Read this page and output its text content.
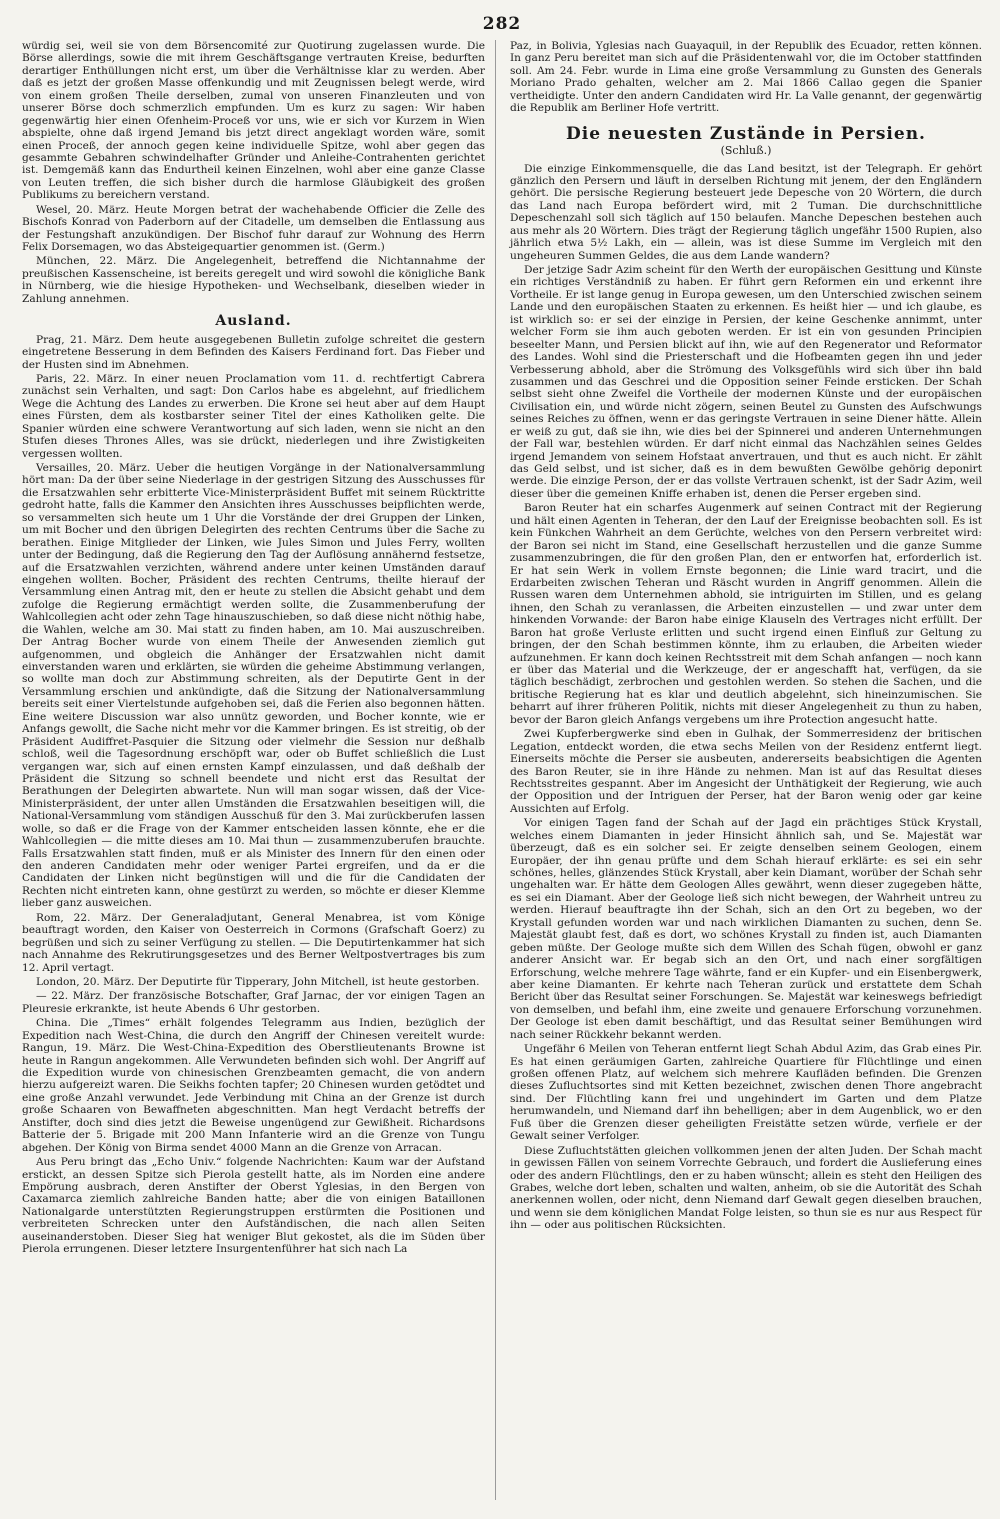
282

würdig sei, weil sie von dem Börsencomité zur Quotirung zugelassen wurde. Die Börse allerdings, sowie die mit ihrem Geschäftsgange vertrauten Kreise, bedurften derartiger Enthüllungen nicht erst, um über die Verhältnisse klar zu werden. Aber daß es jetzt der großen Masse offenkundig und mit Zeugnissen belegt werde, wird von einem großen Theile derselben, zumal von unseren Finanzleuten und von unserer Börse doch schmerzlich empfunden. Um es kurz zu sagen: Wir haben gegenwärtig hier einen Ofenheim-Proceß vor uns, wie er sich vor Kurzem in Wien abspielte, ohne daß irgend Jemand bis jetzt direct angeklagt worden wäre, somit einen Proceß, der annoch gegen keine individuelle Spitze, wohl aber gegen das gesammte Gebahren schwindelhafter Gründer und Anleihe-Contrahenten gerichtet ist. Demgemäß kann das Endurtheil keinen Einzelnen, wohl aber eine ganze Classe von Leuten treffen, die sich bisher durch die harmlose Gläubigkeit des großen Publikums zu bereichern verstand.

Wesel, 20. März. Heute Morgen betrat der wachehabende Officier die Zelle des Bischofs Konrad von Paderborn auf der Citadelle, um demselben die Entlassung aus der Festungshaft anzukündigen. Der Bischof fuhr darauf zur Wohnung des Herrn Felix Dorsemagen, wo das Absteigequartier genommen ist. (Germ.)

München, 22. März. Die Angelegenheit, betreffend die Nichtannahme der preußischen Kassenscheine, ist bereits geregelt und wird sowohl die königliche Bank in Nürnberg, wie die hiesige Hypotheken- und Wechselbank, dieselben wieder in Zahlung annehmen.

Ausland.

Prag, 21. März. Dem heute ausgegebenen Bulletin zufolge schreitet die gestern eingetretene Besserung in dem Befinden des Kaisers Ferdinand fort. Das Fieber und der Husten sind im Abnehmen.

Paris, 22. März. In einer neuen Proclamation vom 11. d. rechtfertigt Cabrera zunächst sein Verhalten, und sagt: Don Carlos habe es abgelehnt, auf friedlichem Wege die Achtung des Landes zu erwerben. Die Krone sei heut aber auf dem Haupt eines Fürsten, dem als kostbarster seiner Titel der eines Katholiken gelte. Die Spanier würden eine schwere Verantwortung auf sich laden, wenn sie nicht an den Stufen dieses Thrones Alles, was sie drückt, niederlegen und ihre Zwistigkeiten vergessen wollten.

Versailles, 20. März. Ueber die heutigen Vorgänge in der Nationalversammlung hört man: Da der über seine Niederlage in der gestrigen Sitzung des Ausschusses für die Ersatzwahlen sehr erbitterte Vice-Ministerpräsident Buffet mit seinem Rücktritte gedroht hatte, falls die Kammer den Ansichten ihres Ausschusses beipflichten werde, so versammelten sich heute um 1 Uhr die Vorstände der drei Gruppen der Linken, um mit Bocher und den übrigen Delegirten des rechten Centrums über die Sache zu berathen. Einige Mitglieder der Linken, wie Jules Simon und Jules Ferry, wollten unter der Bedingung, daß die Regierung den Tag der Auflösung annähernd festsetze, auf die Ersatzwahlen verzichten, während andere unter keinen Umständen darauf eingehen wollten. Bocher, Präsident des rechten Centrums, theilte hierauf der Versammlung einen Antrag mit, den er heute zu stellen die Absicht gehabt und dem zufolge die Regierung ermächtigt werden sollte, die Zusammenberufung der Wahlcollegien acht oder zehn Tage hinauszuschieben, so daß diese nicht nöthig habe, die Wahlen, welche am 30. Mai statt zu finden haben, am 10. Mai auszuschreiben. Der Antrag Bocher wurde von einem Theile der Anwesenden ziemlich gut aufgenommen, und obgleich die Anhänger der Ersatzwahlen nicht damit einverstanden waren und erklärten, sie würden die geheime Abstimmung verlangen, so wollte man doch zur Abstimmung schreiten, als der Deputirte Gent in der Versammlung erschien und ankündigte, daß die Sitzung der Nationalversammlung bereits seit einer Viertelstunde aufgehoben sei, daß die Ferien also begonnen hätten. Eine weitere Discussion war also unnütz geworden, und Bocher konnte, wie er Anfangs gewollt, die Sache nicht mehr vor die Kammer bringen. Es ist streitig, ob der Präsident Audiffret-Pasquier die Sitzung oder vielmehr die Session nur deßhalb schloß, weil die Tagesordnung erschöpft war, oder ob Buffet schließlich die Lust vergangen war, sich auf einen ernsten Kampf einzulassen, und daß deßhalb der Präsident die Sitzung so schnell beendete und nicht erst das Resultat der Berathungen der Delegirten abwartete. Nun will man sogar wissen, daß der Vice-Ministerpräsident, der unter allen Umständen die Ersatzwahlen beseitigen will, die National-Versammlung vom ständigen Ausschuß für den 3. Mai zurückberufen lassen wolle, so daß er die Frage von der Kammer entscheiden lassen könnte, ehe er die Wahlcollegien — die mitte dieses am 10. Mai thun — zusammenzuberufen brauchte. Falls Ersatzwahlen statt finden, muß er als Minister des Innern für den einen oder den anderen Candidaten mehr oder weniger Partei ergreifen, und da er die Candidaten der Linken nicht begünstigen will und die für die Candidaten der Rechten nicht eintreten kann, ohne gestürzt zu werden, so möchte er dieser Klemme lieber ganz ausweichen.

Rom, 22. März. Der Generaladjutant, General Menabrea, ist vom Könige beauftragt worden, den Kaiser von Oesterreich in Cormons (Grafschaft Goerz) zu begrüßen und sich zu seiner Verfügung zu stellen. — Die Deputirtenkammer hat sich nach Annahme des Rekrutirungsgesetzes und des Berner Weltpostvertrages bis zum 12. April vertagt.

London, 20. März. Der Deputirte für Tipperary, John Mitchell, ist heute gestorben.

— 22. März. Der französische Botschafter, Graf Jarnac, der vor einigen Tagen an Pleuresie erkrankte, ist heute Abends 6 Uhr gestorben.

China. Die „Times“ erhält folgendes Telegramm aus Indien, bezüglich der Expedition nach West-China, die durch den Angriff der Chinesen vereitelt wurde: Rangun, 19. März. Die West-China-Expedition des Oberstlieutenants Browne ist heute in Rangun angekommen. Alle Verwundeten befinden sich wohl. Der Angriff auf die Expedition wurde von chinesischen Grenzbeamten gemacht, die von andern hierzu aufgereizt waren. Die Seikhs fochten tapfer; 20 Chinesen wurden getödtet und eine große Anzahl verwundet. Jede Verbindung mit China an der Grenze ist durch große Schaaren von Bewaffneten abgeschnitten. Man hegt Verdacht betreffs der Anstifter, doch sind dies jetzt die Beweise ungenügend zur Gewißheit. Richardsons Batterie der 5. Brigade mit 200 Mann Infanterie wird an die Grenze von Tungu abgehen. Der König von Birma sendet 4000 Mann an die Grenze von Arracan.

Aus Peru bringt das „Echo Univ.“ folgende Nachrichten: Kaum war der Aufstand erstickt, an dessen Spitze sich Pierola gestellt hatte, als im Norden eine andere Empörung ausbrach, deren Anstifter der Oberst Yglesias, in den Bergen von Caxamarca ziemlich zahlreiche Banden hatte; aber die von einigen Bataillonen Nationalgarde unterstützten Regierungstruppen erstürmten die Positionen und verbreiteten Schrecken unter den Aufständischen, die nach allen Seiten auseinanderstoben. Dieser Sieg hat weniger Blut gekostet, als die im Süden über Pierola errungenen. Dieser letztere Insurgentenführer hat sich nach La

Paz, in Bolivia, Yglesias nach Guayaquil, in der Republik des Ecuador, retten können. In ganz Peru bereitet man sich auf die Präsidentenwahl vor, die im October stattfinden soll. Am 24. Febr. wurde in Lima eine große Versammlung zu Gunsten des Generals Moriano Prado gehalten, welcher am 2. Mai 1866 Callao gegen die Spanier vertheidigte. Unter den andern Candidaten wird Hr. La Valle genannt, der gegenwärtig die Republik am Berliner Hofe vertritt.

Die neuesten Zustände in Persien.
(Schluß.)

Die einzige Einkommensquelle, die das Land besitzt, ist der Telegraph. Er gehört gänzlich den Persern und läuft in derselben Richtung mit jenem, der den Engländern gehört. Die persische Regierung besteuert jede Depesche von 20 Wörtern, die durch das Land nach Europa befördert wird, mit 2 Tuman. Die durchschnittliche Depeschenzahl soll sich täglich auf 150 belaufen. Manche Depeschen bestehen auch aus mehr als 20 Wörtern. Dies trägt der Regierung täglich ungefähr 1500 Rupien, also jährlich etwa 5½ Lakh, ein — allein, was ist diese Summe im Vergleich mit den ungeheuren Summen Geldes, die aus dem Lande wandern?

Der jetzige Sadr Azim scheint für den Werth der europäischen Gesittung und Künste ein richtiges Verständniß zu haben. Er führt gern Reformen ein und erkennt ihre Vortheile. Er ist lange genug in Europa gewesen, um den Unterschied zwischen seinem Lande und den europäischen Staaten zu erkennen. Es heißt hier — und ich glaube, es ist wirklich so: er sei der einzige in Persien, der keine Geschenke annimmt, unter welcher Form sie ihm auch geboten werden. Er ist ein von gesunden Principien beseelter Mann, und Persien blickt auf ihn, wie auf den Regenerator und Reformator des Landes. Wohl sind die Priesterschaft und die Hofbeamten gegen ihn und jeder Verbesserung abhold, aber die Strömung des Volksgefühls wird sich über ihn bald zusammen und das Geschrei und die Opposition seiner Feinde ersticken. Der Schah selbst sieht ohne Zweifel die Vortheile der modernen Künste und der europäischen Civilisation ein, und würde nicht zögern, seinen Beutel zu Gunsten des Aufschwungs seines Reiches zu öffnen, wenn er das geringste Vertrauen in seine Diener hätte. Allein er weiß zu gut, daß sie ihn, wie dies bei der Spinnerei und anderen Unternehmungen der Fall war, bestehlen würden. Er darf nicht einmal das Nachzählen seines Geldes irgend Jemandem von seinem Hofstaat anvertrauen, und thut es auch nicht. Er zählt das Geld selbst, und ist sicher, daß es in dem bewußten Gewölbe gehörig deponirt werde. Die einzige Person, der er das vollste Vertrauen schenkt, ist der Sadr Azim, weil dieser über die gemeinen Kniffe erhaben ist, denen die Perser ergeben sind.

Baron Reuter hat ein scharfes Augenmerk auf seinen Contract mit der Regierung und hält einen Agenten in Teheran, der den Lauf der Ereignisse beobachten soll. Es ist kein Fünkchen Wahrheit an dem Gerüchte, welches von den Persern verbreitet wird: der Baron sei nicht im Stand, eine Gesellschaft herzustellen und die ganze Summe zusammenzubringen, die für den großen Plan, den er entworfen hat, erforderlich ist. Er hat sein Werk in vollem Ernste begonnen; die Linie ward tracirt, und die Erdarbeiten zwischen Teheran und Räscht wurden in Angriff genommen. Allein die Russen waren dem Unternehmen abhold, sie intriguirten im Stillen, und es gelang ihnen, den Schah zu veranlassen, die Arbeiten einzustellen — und zwar unter dem hinkenden Vorwande: der Baron habe einige Klauseln des Vertrages nicht erfüllt. Der Baron hat große Verluste erlitten und sucht irgend einen Einfluß zur Geltung zu bringen, der den Schah bestimmen könnte, ihm zu erlauben, die Arbeiten wieder aufzunehmen. Er kann doch keinen Rechtsstreit mit dem Schah anfangen — noch kann er über das Material und die Werkzeuge, der er angeschafft hat, verfügen, da sie täglich beschädigt, zerbrochen und gestohlen werden. So stehen die Sachen, und die britische Regierung hat es klar und deutlich abgelehnt, sich hineinzumischen. Sie beharrt auf ihrer früheren Politik, nichts mit dieser Angelegenheit zu thun zu haben, bevor der Baron gleich Anfangs vergebens um ihre Protection angesucht hatte.

Zwei Kupferbergwerke sind eben in Gulhak, der Sommerresidenz der britischen Legation, entdeckt worden, die etwa sechs Meilen von der Residenz entfernt liegt. Einerseits möchte die Perser sie ausbeuten, andererseits beabsichtigen die Agenten des Baron Reuter, sie in ihre Hände zu nehmen. Man ist auf das Resultat dieses Rechtsstreites gespannt. Aber im Angesicht der Unthätigkeit der Regierung, wie auch der Opposition und der Intriguen der Perser, hat der Baron wenig oder gar keine Aussichten auf Erfolg.

Vor einigen Tagen fand der Schah auf der Jagd ein prächtiges Stück Krystall, welches einem Diamanten in jeder Hinsicht ähnlich sah, und Se. Majestät war überzeugt, daß es ein solcher sei. Er zeigte denselben seinem Geologen, einem Europäer, der ihn genau prüfte und dem Schah hierauf erklärte: es sei ein sehr schönes, helles, glänzendes Stück Krystall, aber kein Diamant, worüber der Schah sehr ungehalten war. Er hätte dem Geologen Alles gewährt, wenn dieser zugegeben hätte, es sei ein Diamant. Aber der Geologe ließ sich nicht bewegen, der Wahrheit untreu zu werden. Hierauf beauftragte ihn der Schah, sich an den Ort zu begeben, wo der Krystall gefunden worden war und nach wirklichen Diamanten zu suchen, denn Se. Majestät glaubt fest, daß es dort, wo schönes Krystall zu finden ist, auch Diamanten geben müßte. Der Geologe mußte sich dem Willen des Schah fügen, obwohl er ganz anderer Ansicht war. Er begab sich an den Ort, und nach einer sorgfältigen Erforschung, welche mehrere Tage währte, fand er ein Kupfer- und ein Eisenbergwerk, aber keine Diamanten. Er kehrte nach Teheran zurück und erstattete dem Schah Bericht über das Resultat seiner Forschungen. Se. Majestät war keineswegs befriedigt von demselben, und befahl ihm, eine zweite und genauere Erforschung vorzunehmen. Der Geologe ist eben damit beschäftigt, und das Resultat seiner Bemühungen wird nach seiner Rückkehr bekannt werden.

Ungefähr 6 Meilen von Teheran entfernt liegt Schah Abdul Azim, das Grab eines Pir. Es hat einen geräumigen Garten, zahlreiche Quartiere für Flüchtlinge und einen großen offenen Platz, auf welchem sich mehrere Kaufläden befinden. Die Grenzen dieses Zufluchtsortes sind mit Ketten bezeichnet, zwischen denen Thore angebracht sind. Der Flüchtling kann frei und ungehindert im Garten und dem Platze herumwandeln, und Niemand darf ihn behelligen; aber in dem Augenblick, wo er den Fuß über die Grenzen dieser geheiligten Freistätte setzen würde, verfiele er der Gewalt seiner Verfolger.

Diese Zufluchtstätten gleichen vollkommen jenen der alten Juden. Der Schah macht in gewissen Fällen von seinem Vorrechte Gebrauch, und fordert die Auslieferung eines oder des andern Flüchtlings, den er zu haben wünscht; allein es steht den Heiligen des Grabes, welche dort leben, schalten und walten, anheim, ob sie die Autorität des Schah anerkennen wollen, oder nicht, denn Niemand darf Gewalt gegen dieselben brauchen, und wenn sie dem königlichen Mandat Folge leisten, so thun sie es nur aus Respect für ihn — oder aus politischen Rücksichten.
